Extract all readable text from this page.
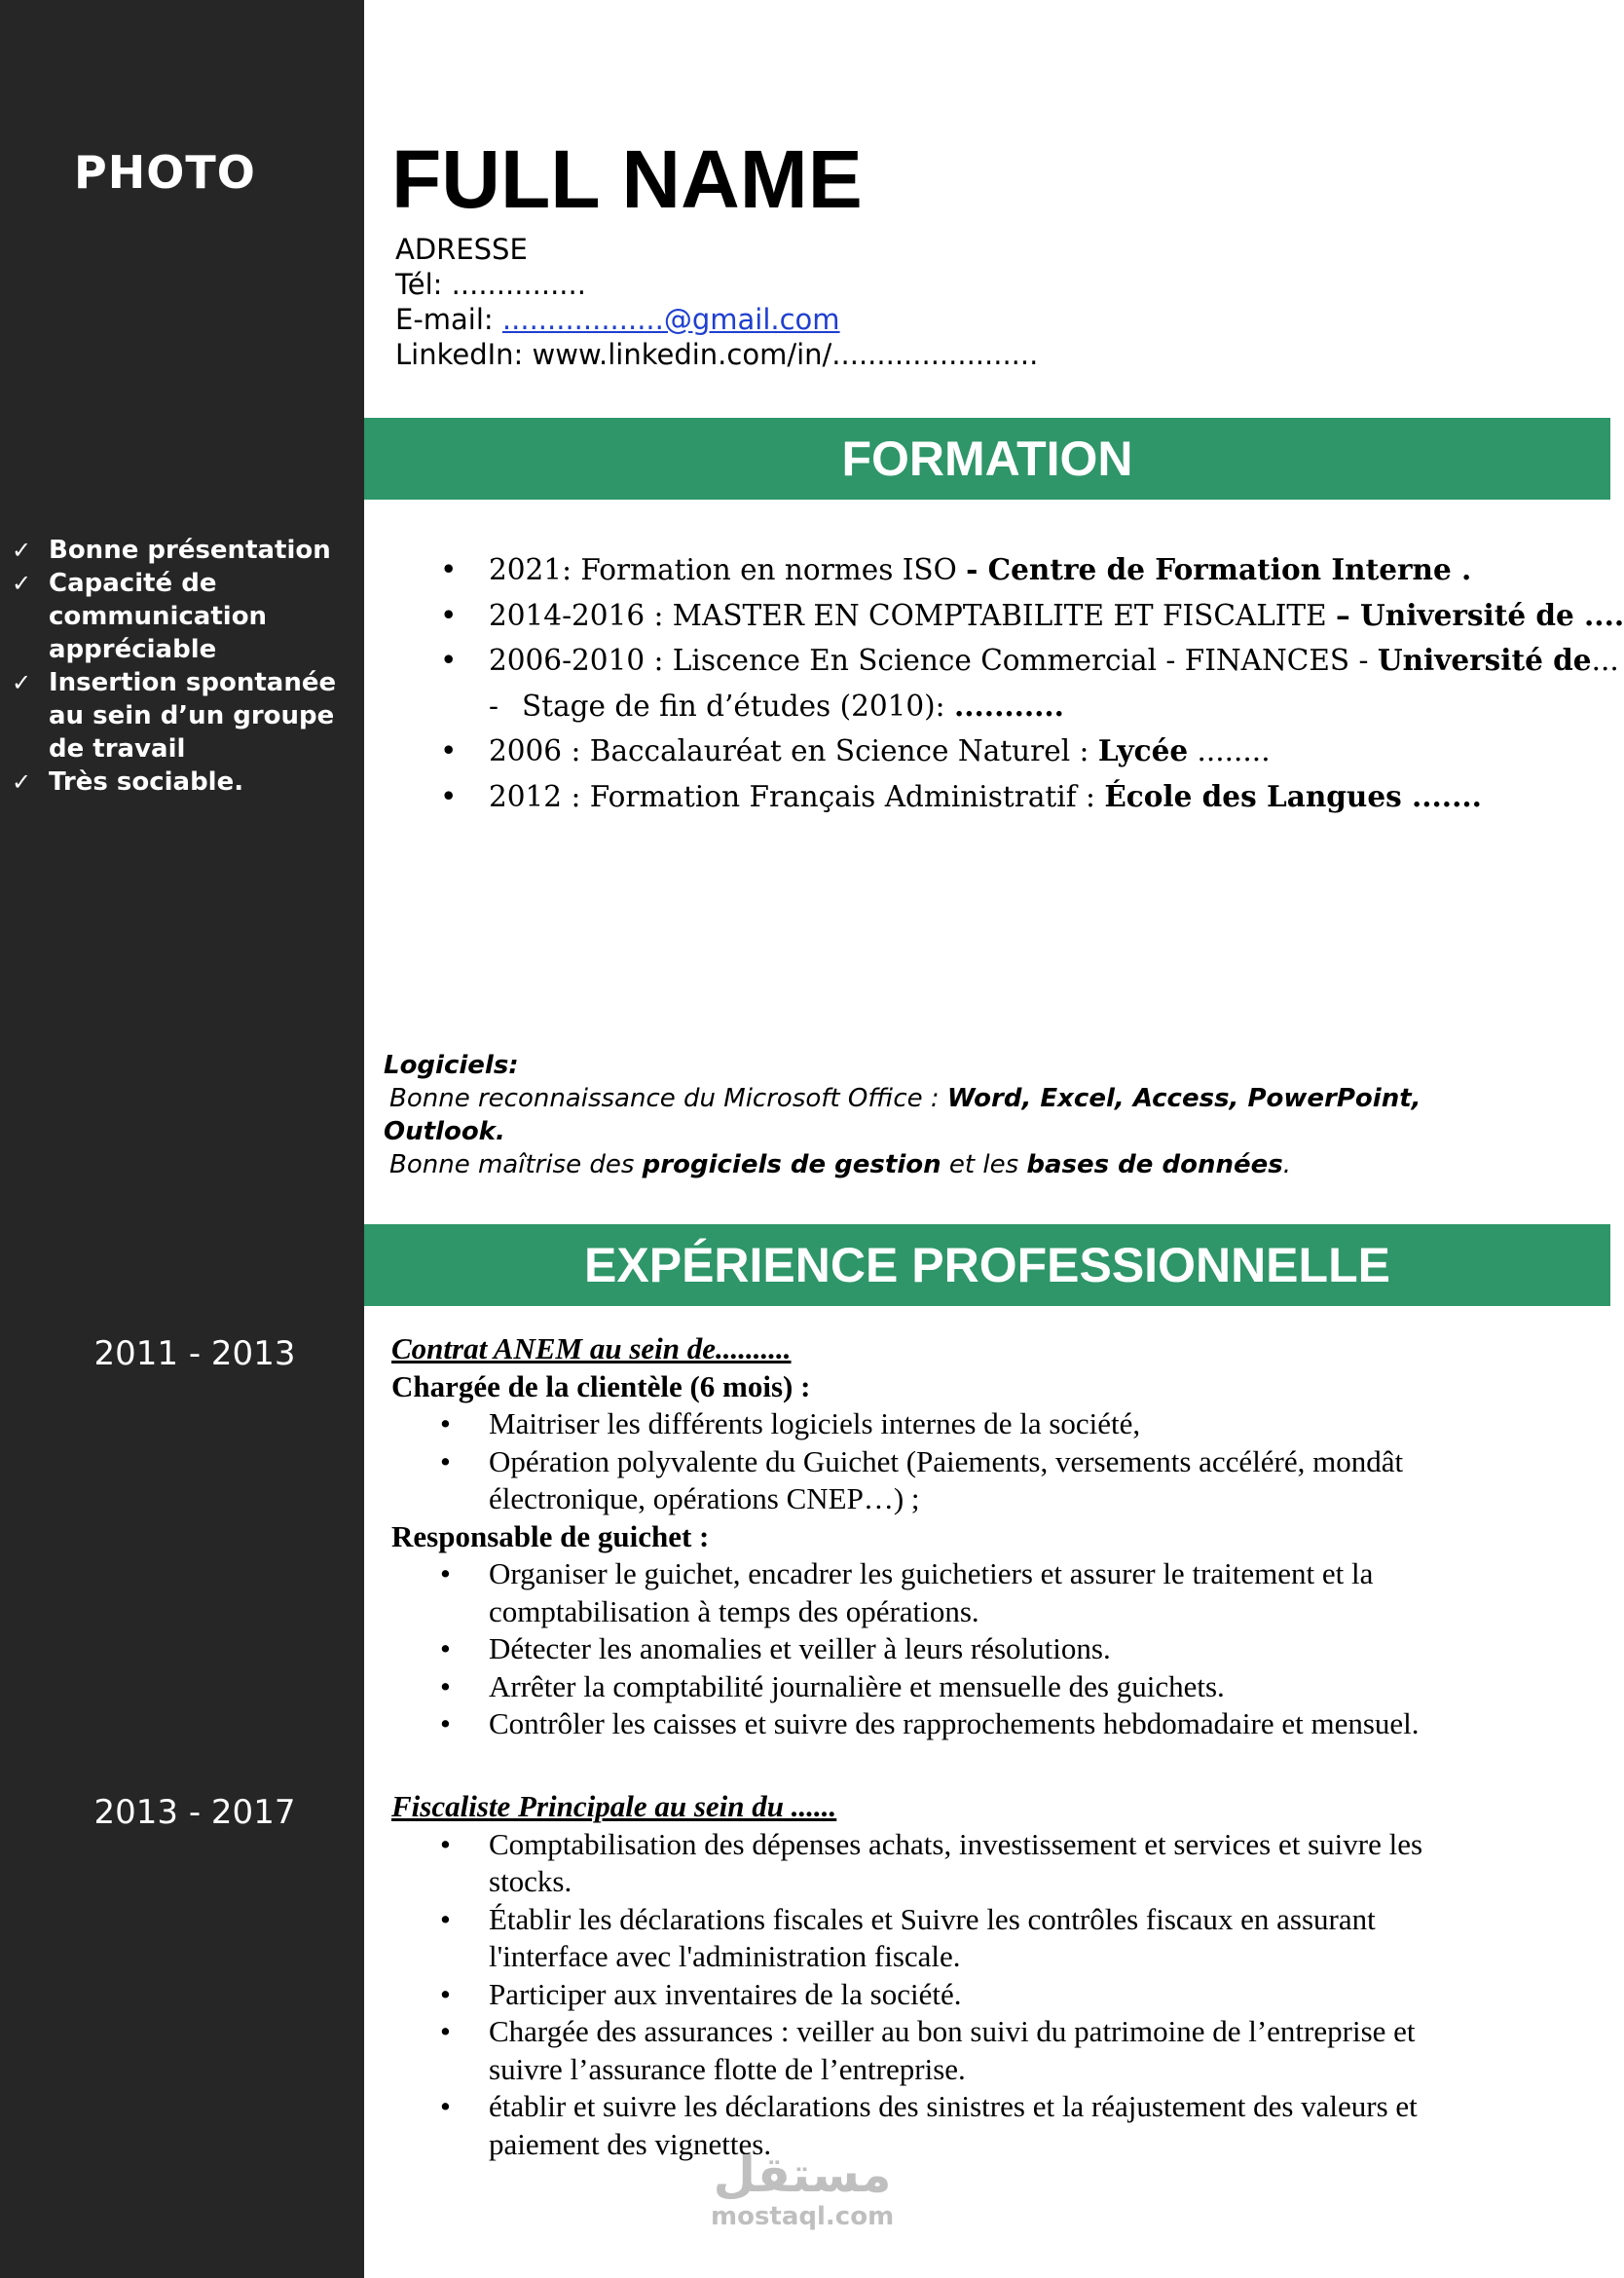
PHOTO
✓ Bonne présentation
✓ Capacité de
communication
appréciable
✓ Insertion spontanée
au sein d’un groupe
de travail
✓ Très sociable.
2011 - 2013
2013 - 2017
FULL NAME
ADRESSE
Tél: ...............
E-mail: ..................@gmail.com
LinkedIn: www.linkedin.com/in/.......................
FORMATION
• 2021: Formation en normes ISO - Centre de Formation Interne .
• 2014-2016 : MASTER EN COMPTABILITE ET FISCALITE – Université de ....
• 2006-2010 : Liscence En Science Commercial - FINANCES - Université de...
- Stage de fin d’études (2010): ...........
• 2006 : Baccalauréat en Science Naturel : Lycée ........
• 2012 : Formation Français Administratif : École des Langues .......
Logiciels:

Bonne reconnaissance du Microsoft Office : Word, Excel, Access, PowerPoint,

Outlook.

Bonne maîtrise des progiciels de gestion et les bases de données.

EXPÉRIENCE PROFESSIONNELLE
Contrat ANEM au sein de..........
Chargée de la clientèle (6 mois) :
• Maitriser les différents logiciels internes de la société,
• Opération polyvalente du Guichet (Paiements, versements accéléré, mondât
électronique, opérations CNEP…) ;
Responsable de guichet :
• Organiser le guichet, encadrer les guichetiers et assurer le traitement et la
comptabilisation à temps des opérations.
• Détecter les anomalies et veiller à leurs résolutions.
• Arrêter la comptabilité journalière et mensuelle des guichets.
• Contrôler les caisses et suivre des rapprochements hebdomadaire et mensuel.
Fiscaliste Principale au sein du ......
• Comptabilisation des dépenses achats, investissement et services et suivre les
stocks.
• Établir les déclarations fiscales et Suivre les contrôles fiscaux en assurant
l'interface avec l'administration fiscale.
• Participer aux inventaires de la société.
• Chargée des assurances : veiller au bon suivi du patrimoine de l’entreprise et
suivre l’assurance flotte de l’entreprise.
• établir et suivre les déclarations des sinistres et la réajustement des valeurs et
paiement des vignettes.
مستقل
mostaql.com
